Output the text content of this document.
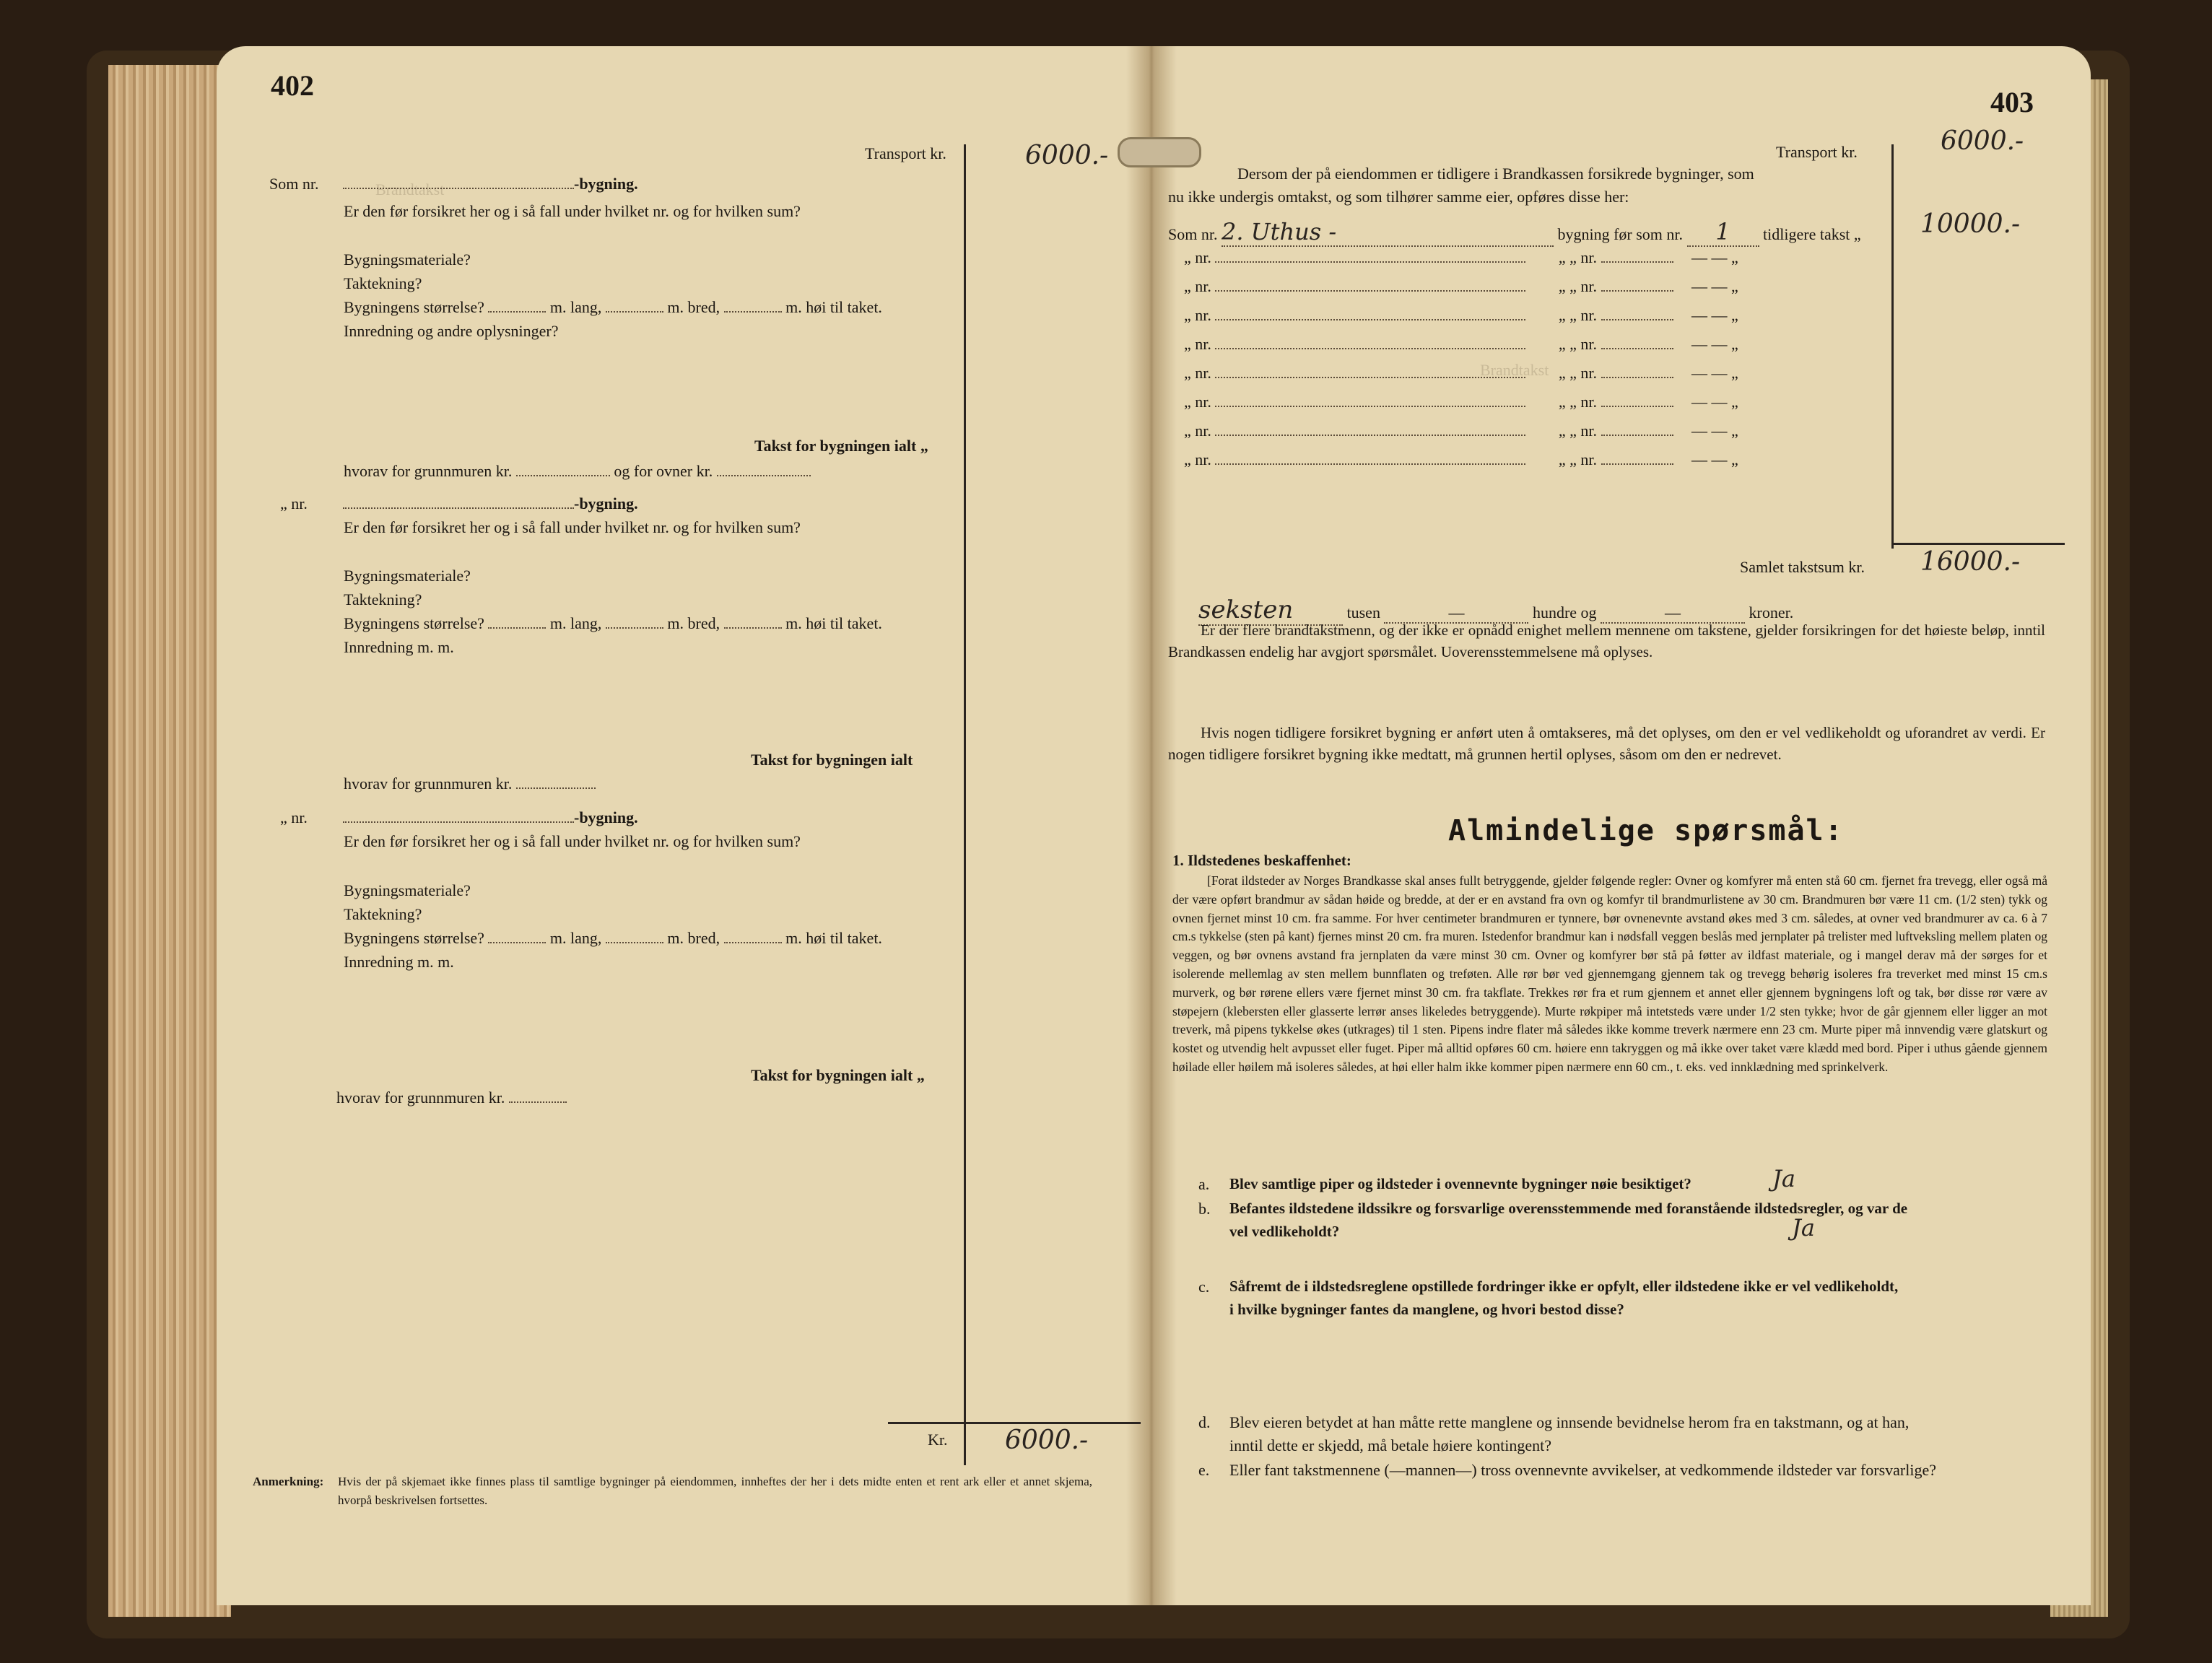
Brandtakst
Brandtakst
402
Transport kr.	6000.-
Som nr.	-bygning.
Er den før forsikret her og i så fall under hvilket nr. og for hvilken sum?
Bygningsmateriale?
Taktekning?
Bygningens størrelse?	m. lang,	m. bred,	m. høi til taket.
Innredning og andre oplysninger?
Takst for bygningen ialt „
hvorav for grunnmuren kr.	og for ovner kr.
„ nr.	-bygning.
Er den før forsikret her og i så fall under hvilket nr. og for hvilken sum?
Bygningsmateriale?
Taktekning?
Bygningens størrelse?	m. lang,	m. bred,	m. høi til taket.
Innredning m. m.
Takst for bygningen ialt
hvorav for grunnmuren kr.
„ nr.	-bygning.
Er den før forsikret her og i så fall under hvilket nr. og for hvilken sum?
Bygningsmateriale?
Taktekning?
Bygningens størrelse?	m. lang,	m. bred,	m. høi til taket.
Innredning m. m.
Takst for bygningen ialt „
hvorav for grunnmuren kr.
Kr. 6000.-
Anmerkning: Hvis der på skjemaet ikke finnes plass til samtlige bygninger på eiendommen, innheftes der her i dets midte enten et rent ark eller et annet skjema, hvorpå beskrivelsen fortsettes.
403
Transport kr.	6000.-
Dersom der på eiendommen er tidligere i Brandkassen forsikrede bygninger, som
nu ikke undergis omtakst, og som tilhører samme eier, opføres disse her:
Som nr. 2. Uthus -	bygning før som nr. 1 tidligere takst „ 10000.-
„ nr.	„ „ nr.	— — „
„ nr.	„ „ nr.	— — „
„ nr.	„ „ nr.	— — „
„ nr.	„ „ nr.	— — „
„ nr.	„ „ nr.	— — „
„ nr.	„ „ nr.	— — „
„ nr.	„ „ nr.	— — „
„ nr.	„ „ nr.	— — „
Samlet takstsum kr. 16000.-
seksten	tusen	—	hundre og	—	kroner.
Er der flere brandtakstmenn, og der ikke er opnådd enighet mellem mennene om takstene, gjelder forsikringen for det høieste beløp, inntil Brandkassen endelig har avgjort spørsmålet. Uoverensstemmelsene må oplyses.
Hvis nogen tidligere forsikret bygning er anført uten å omtakseres, må det oplyses, om den er vel vedlikeholdt og uforandret av verdi. Er nogen tidligere forsikret bygning ikke medtatt, må grunnen hertil oplyses, såsom om den er nedrevet.
Almindelige spørsmål:
1. Ildstedenes beskaffenhet:
[Forat ildsteder av Norges Brandkasse skal anses fullt betryggende, gjelder følgende regler: Ovner og komfyrer må enten stå 60 cm. fjernet fra trevegg, eller også må der være opført brandmur av sådan høide og bredde, at der er en avstand fra ovn og komfyr til brandmurlistene av 30 cm. Brandmuren bør være 11 cm. (1/2 sten) tykk og ovnen fjernet minst 10 cm. fra samme. For hver centimeter brandmuren er tynnere, bør ovnenevnte avstand økes med 3 cm. således, at ovner ved brandmurer av ca. 6 à 7 cm.s tykkelse (sten på kant) fjernes minst 20 cm. fra muren. Istedenfor brandmur kan i nødsfall veggen beslås med jernplater på trelister med luftveksling mellem platen og veggen, og bør ovnens avstand fra jernplaten da være minst 30 cm. Ovner og komfyrer bør stå på føtter av ildfast materiale, og i mangel derav må der sørges for et isolerende mellemlag av sten mellem bunnflaten og treføten. Alle rør bør ved gjennemgang gjennem tak og trevegg behørig isoleres fra treverket med minst 15 cm.s murverk, og bør rørene ellers være fjernet minst 30 cm. fra takflate. Trekkes rør fra et rum gjennem et annet eller gjennem bygningens loft og tak, bør disse rør være av støpejern (klebersten eller glasserte lerrør anses likeledes betryggende). Murte røkpiper må intetsteds være under 1/2 sten tykke; hvor de går gjennem eller ligger an mot treverk, må pipens tykkelse økes (utkrages) til 1 sten. Pipens indre flater må således ikke komme treverk nærmere enn 23 cm. Murte piper må innvendig være glatskurt og kostet og utvendig helt avpusset eller fuget. Piper må alltid opføres 60 cm. høiere enn takryggen og må ikke over taket være klædd med bord. Piper i uthus gående gjennem høilade eller høilem må isoleres således, at høi eller halm ikke kommer pipen nærmere enn 60 cm., t. eks. ved innklædning med sprinkelverk.
a. Blev samtlige piper og ildsteder i ovennevnte bygninger nøie besiktiget?	Ja
b. Befantes ildstedene ildssikre og forsvarlige overensstemmende med foranstående ildstedsregler, og var de
vel vedlikeholdt?	Ja
c. Såfremt de i ildstedsreglene opstillede fordringer ikke er opfylt, eller ildstedene ikke er vel vedlikeholdt,
i hvilke bygninger fantes da manglene, og hvori bestod disse?
d. Blev eieren betydet at han måtte rette manglene og innsende bevidnelse herom fra en takstmann, og at han,
inntil dette er skjedd, må betale høiere kontingent?
e. Eller fant takstmennene (—mannen—) tross ovennevnte avvikelser, at vedkommende ildsteder var forsvarlige?
